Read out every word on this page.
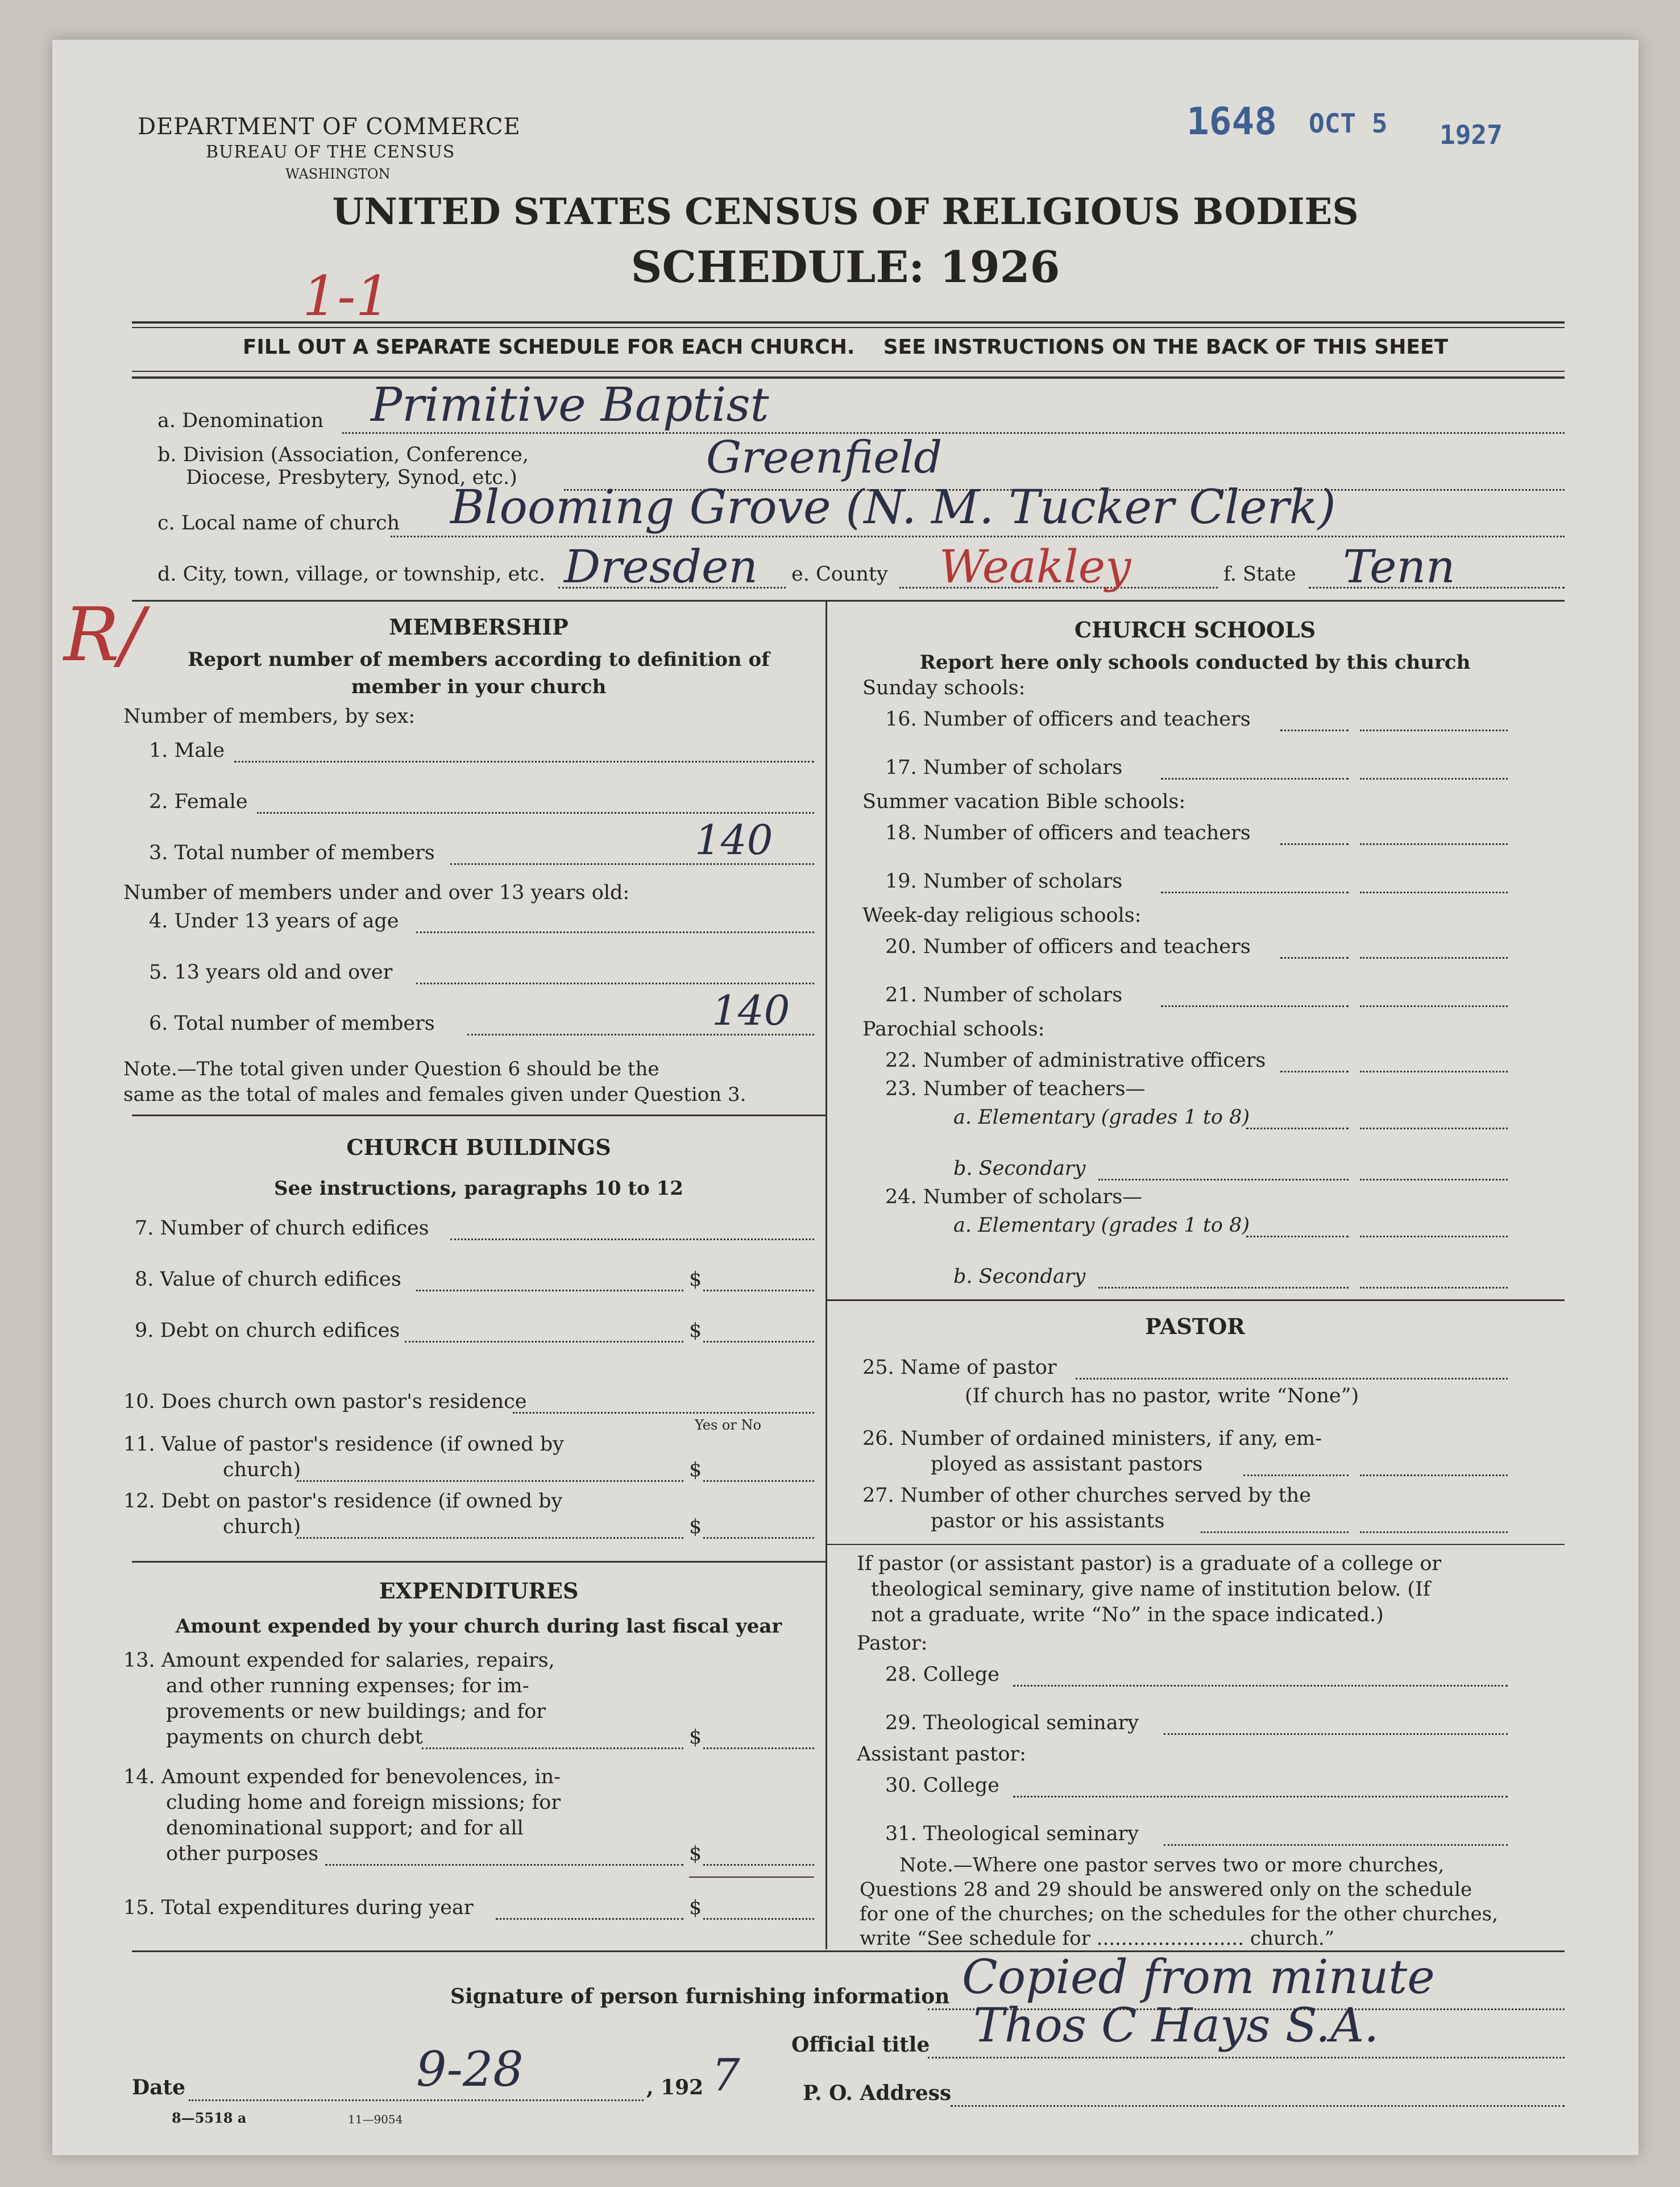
DEPARTMENT OF COMMERCE
BUREAU OF THE CENSUS
WASHINGTON
1648 OCT 5 1927
UNITED STATES CENSUS OF RELIGIOUS BODIES
SCHEDULE: 1926
1-1
FILL OUT A SEPARATE SCHEDULE FOR EACH CHURCH.    SEE INSTRUCTIONS ON THE BACK OF THIS SHEET
a. Denomination Primitive Baptist
b. Division (Association, Conference,
Diocese, Presbytery, Synod, etc.)	Greenfield
c. Local name of church Blooming Grove (N. M. Tucker Clerk)
d. City, town, village, or township, etc. Dresden e. County Weakley	f. State Tenn
R/	MEMBERSHIP
Report number of members according to definition of
member in your church
Number of members, by sex:
1. Male
2. Female
3. Total number of members	140
Number of members under and over 13 years old:
4. Under 13 years of age
5. 13 years old and over
6. Total number of members	140
Note.—The total given under Question 6 should be the
same as the total of males and females given under Question 3.
CHURCH BUILDINGS
See instructions, paragraphs 10 to 12
7. Number of church edifices
8. Value of church edifices	$
9. Debt on church edifices	$
10. Does church own pastor's residence
Yes or No
11. Value of pastor's residence (if owned by
church)	$
12. Debt on pastor's residence (if owned by
church)	$
EXPENDITURES
Amount expended by your church during last fiscal year
13. Amount expended for salaries, repairs,
and other running expenses; for im-
provements or new buildings; and for
payments on church debt	$
14. Amount expended for benevolences, in-
cluding home and foreign missions; for
denominational support; and for all
other purposes	$
15. Total expenditures during year	$
CHURCH SCHOOLS
Report here only schools conducted by this church
Sunday schools:
16. Number of officers and teachers
17. Number of scholars
Summer vacation Bible schools:
18. Number of officers and teachers
19. Number of scholars
Week-day religious schools:
20. Number of officers and teachers
21. Number of scholars
Parochial schools:
22. Number of administrative officers
23. Number of teachers—
a. Elementary (grades 1 to 8)
b. Secondary
24. Number of scholars—
a. Elementary (grades 1 to 8)
b. Secondary
PASTOR
25. Name of pastor
(If church has no pastor, write “None”)
26. Number of ordained ministers, if any, em-
ployed as assistant pastors
27. Number of other churches served by the
pastor or his assistants
If pastor (or assistant pastor) is a graduate of a college or
theological seminary, give name of institution below. (If
not a graduate, write “No” in the space indicated.)
Pastor:
28. College
29. Theological seminary
Assistant pastor:
30. College
31. Theological seminary
Note.—Where one pastor serves two or more churches,
Questions 28 and 29 should be answered only on the schedule
for one of the churches; on the schedules for the other churches,
write “See schedule for ........................ church.”
Signature of person furnishing information Copied from minute
Official title Thos C Hays S.A.
Date	9-28	, 192 7	P. O. Address
8—5518 a	11—9054
